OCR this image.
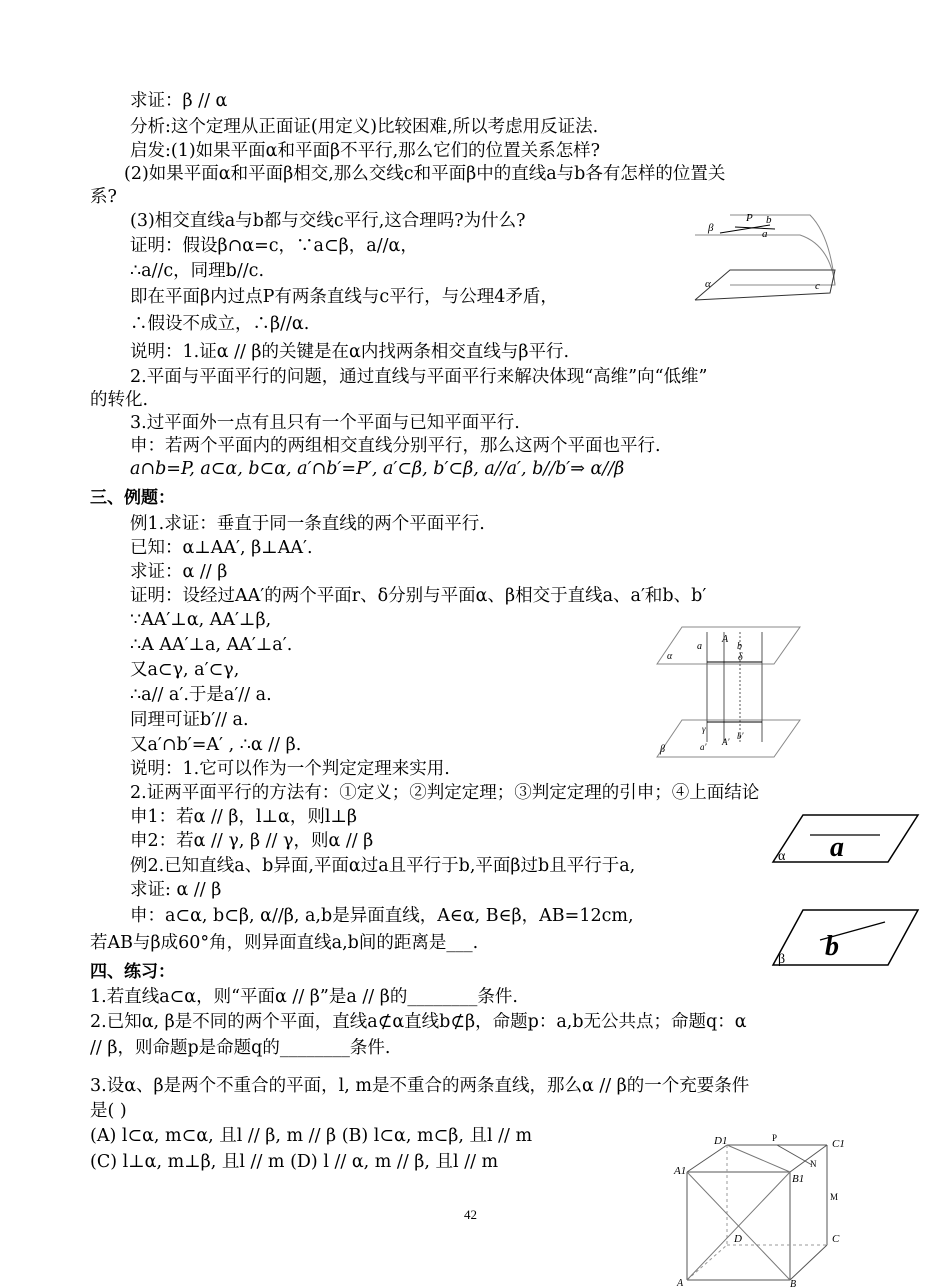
求证：β // α
分析:这个定理从正面证(用定义)比较困难,所以考虑用反证法.
启发:(1)如果平面α和平面β不平行,那么它们的位置关系怎样?
(2)如果平面α和平面β相交,那么交线c和平面β中的直线a与b各有怎样的位置关
系?
(3)相交直线a与b都与交线c平行,这合理吗?为什么?
证明：假设β∩α=c，∵a⊂β，a//α，
∴a//c，同理b//c.
即在平面β内过点P有两条直线与c平行，与公理4矛盾，
∴假设不成立，∴β//α.
说明：1.证α // β的关键是在α内找两条相交直线与β平行.
2.平面与平面平行的问题，通过直线与平面平行来解决体现“高维”向“低维”
的转化.
3.过平面外一点有且只有一个平面与已知平面平行.
申：若两个平面内的两组相交直线分别平行，那么这两个平面也平行.
a∩b=P, a⊂α, b⊂α, a′∩b′=P′, a′⊂β, b′⊂β, a//a′, b//b′⇒ α//β
三、例题：
例1.求证：垂直于同一条直线的两个平面平行.
已知：α⊥AA′, β⊥AA′.
求证：α // β
证明：设经过AA′的两个平面r、δ分别与平面α、β相交于直线a、a′和b、b′
∵AA′⊥α, AA′⊥β,
∴A AA′⊥a, AA′⊥a′.
又a⊂γ, a′⊂γ,
∴a// a′.于是a′// a.
同理可证b′// a.
又a′∩b′=A′ , ∴α // β.
说明：1.它可以作为一个判定定理来实用.
2.证两平面平行的方法有：①定义；②判定定理；③判定定理的引申；④上面结论
申1：若α // β，l⊥α，则l⊥β
申2：若α // γ, β // γ，则α // β
例2.已知直线a、b异面,平面α过a且平行于b,平面β过b且平行于a,
求证: α // β
申：a⊂α, b⊂β, α//β, a,b是异面直线，A∈α, B∈β，AB=12cm,
若AB与β成60°角，则异面直线a,b间的距离是___.
四、练习：
1.若直线a⊂α，则“平面α // β”是a // β的________条件.
2.已知α, β是不同的两个平面，直线a⊄α直线b⊄β，命题p：a,b无公共点；命题q：α
// β，则命题p是命题q的________条件.
3.设α、β是两个不重合的平面，l, m是不重合的两条直线，那么α // β的一个充要条件
是( )
(A) l⊂α, m⊂α, 且l // β, m // β (B) l⊂α, m⊂β, 且l // m
(C) l⊥α, m⊥β, 且l // m (D) l // α, m // β, 且l // m
42
β
P b
a
α	c
α
a
A
b
δ
γ
β
A′
a′
b′
α a
β b
D1	P	C1
A1
N
B1
M
D	C
A	B
